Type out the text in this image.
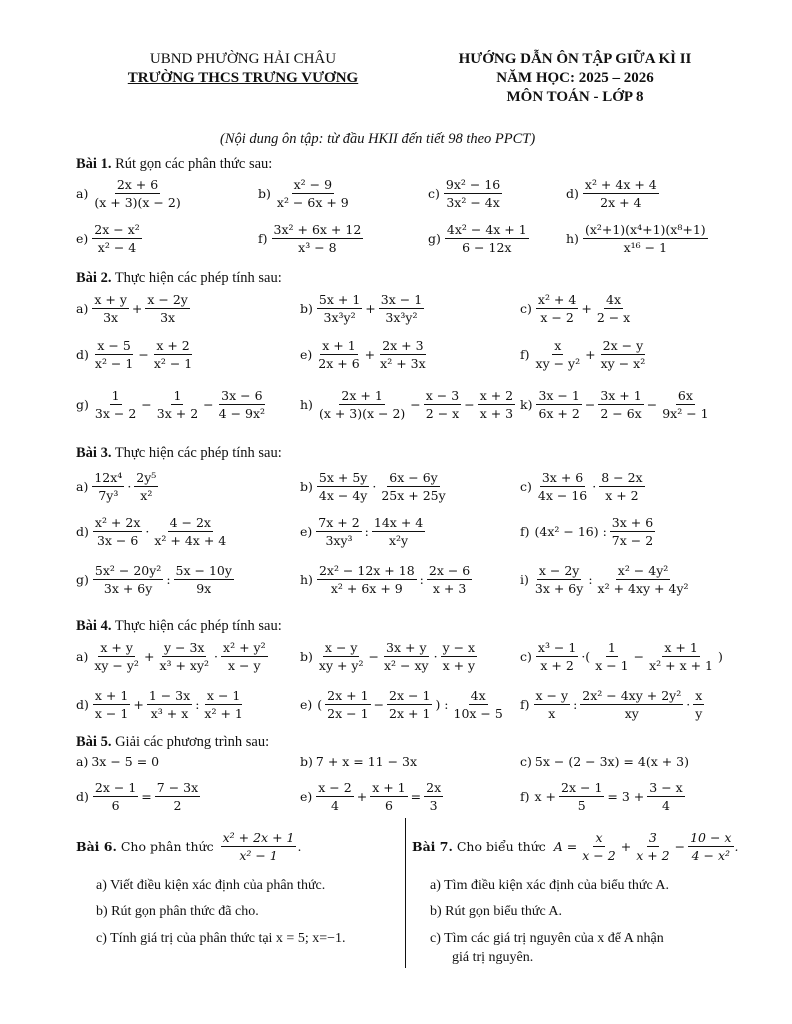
UBND PHƯỜNG HẢI CHÂU
TRƯỜNG THCS TRƯNG VƯƠNG
HƯỚNG DẪN ÔN TẬP GIỮA KÌ II
NĂM HỌC: 2025 – 2026
MÔN TOÁN - LỚP 8
(Nội dung ôn tập: từ đầu HKII đến tiết 98 theo PPCT)
Bài 1. Rút gọn các phân thức sau:
$a) \frac{2x + 6}{(x + 3)(x - 2)}$	$b) \frac{\text{x² − 9}}{\text{x² − 6x + 9}}$	$c) \frac{\text{9x² − 16}}{\text{3x² − 4x}}$	$d) \frac{\text{x² + 4x + 4}}{2x + 4}$
$e) \frac{\text{2x − x²}}{\text{x² − 4}}$	$f) \frac{\text{3x² + 6x + 12}}{\text{x³ − 8}}$	$g) \frac{\text{4x² − 4x + 1}}{6 - 12x}$	$h) \frac{\text{(x²+1)(x⁴+1)(x⁸+1)}}{\text{x¹⁶ − 1}}$
Bài 2. Thực hiện các phép tính sau:
$a) \frac{x + y}{3x} + \frac{x - 2y}{3x}$	$b) \frac{5x + 1}{\text{3x³y²}} + \frac{3x - 1}{\text{3x³y²}}$	$c) \frac{\text{x² + 4}}{x - 2} + \frac{4x}{2 - x}$
$d) \frac{x - 5}{\text{x² − 1}} - \frac{x + 2}{\text{x² − 1}}$	$e) \frac{x + 1}{2x + 6} + \frac{2x + 3}{\text{x² + 3x}}$	$f) \frac{x}{\text{xy − y²}} + \frac{2x - y}{\text{xy − x²}}$
$g) \frac{1}{3x - 2} - \frac{1}{3x + 2} - \frac{3x - 6}{\text{4 − 9x²}}$	$h) \frac{2x + 1}{(x + 3)(x - 2)} - \frac{x - 3}{2 - x} - \frac{x + 2}{x + 3} k) \frac{3x - 1}{6x + 2} - \frac{3x + 1}{2 - 6x} - \frac{6x}{\text{9x² − 1}}$
Bài 3. Thực hiện các phép tính sau:
$a) \frac{\text{12x⁴}}{\text{7y³}} \cdot \frac{\text{2y⁵}}{\text{x²}}$	$b) \frac{5x + 5y}{4x - 4y} \cdot \frac{6x - 6y}{25x + 25y}$	$c) \frac{3x + 6}{4x - 16} \cdot \frac{8 - 2x}{x + 2}$
$d) \frac{\text{x² + 2x}}{3x - 6} \cdot \frac{4 - 2x}{\text{x² + 4x + 4}}$	$e) \frac{7x + 2}{\text{3xy³}}$ : $\frac{14x + 4}{\text{x²y}}$	f) (4x² − 16) : $\frac{3x + 6}{7x - 2}$
$g) \frac{\text{5x² − 20y²}}{3x + 6y}$ : $\frac{5x - 10y}{9x}$	$h) \frac{\text{2x² − 12x + 18}}{\text{x² + 6x + 9}}$ : $\frac{2x - 6}{x + 3}$	$i) \frac{x - 2y}{3x + 6y}$ : $\frac{\text{x² − 4y²}}{\text{x² + 4xy + 4y²}}$
Bài 4. Thực hiện các phép tính sau:
$a) \frac{x + y}{\text{xy − y²}} + \frac{y - 3x}{\text{x³ + xy²}} \cdot \frac{\text{x² + y²}}{x - y}$	$b) \frac{x - y}{\text{xy + y²}} - \frac{3x + y}{\text{x² − xy}} \cdot \frac{y - x}{x + y}$	$c) \frac{\text{x³ − 1}}{x + 2}$ ·( $\frac{1}{x - 1} - \frac{x + 1}{\text{x² + x + 1}}$ )
$d) \frac{x + 1}{x - 1} + \frac{1 - 3x}{\text{x³ + x}}$ : $\frac{x - 1}{\text{x² + 1}}$	e) ( $\frac{2x + 1}{2x - 1} - \frac{2x - 1}{2x + 1}$ ) : $\frac{4x}{10x - 5} f) \frac{x - y}{x}$ : $\frac{\text{2x² − 4xy + 2y²}}{xy} \cdot \frac{x}{y}$
Bài 5. Giải các phương trình sau:
a) 3x − 5 = 0	b) 7 + x = 11 − 3x	c) 5x − (2 − 3x) = 4(x + 3)
$d) \frac{2x - 1}{6} = \frac{7 - 3x}{2}$	$e) \frac{x - 2}{4} + \frac{x + 1}{6} = \frac{2x}{3}$	f) $x + \frac{2x - 1}{5} = 3 + \frac{3 - x}{4}$
Bài 6. Cho phân thức $\frac{\text{x² + 2x + 1}}{\text{x² − 1}}$ .
a) Viết điều kiện xác định của phân thức.
b) Rút gọn phân thức đã cho.
c) Tính giá trị của phân thức tại x = 5; x=−1.
Bài 7. Cho biểu thức $A = \frac{x}{x - 2} + \frac{3}{x + 2} - \frac{10 - x}{\text{4 − x²}}$ .
a) Tìm điều kiện xác định của biểu thức A.
b) Rút gọn biểu thức A.
c) Tìm các giá trị nguyên của x để A nhận
giá trị nguyên.
